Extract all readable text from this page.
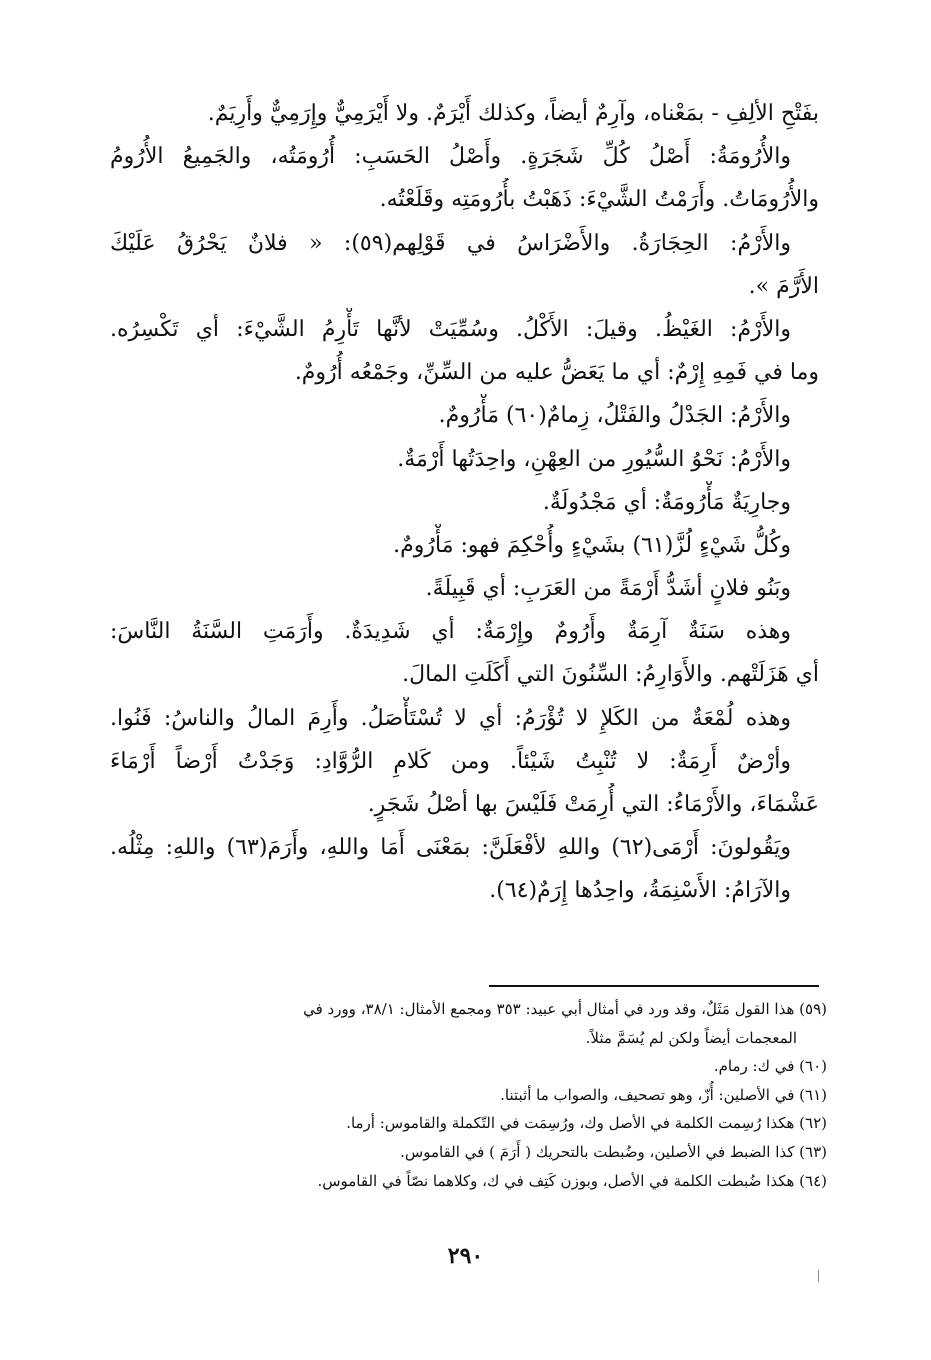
بفَتْحِ الألِفِ - بمَعْناه، وآرِمٌ أيضاً، وكذلك أَيْرَمٌ. ولا أَيْرَمِيٌّ وإِرَمِيٌّ وأَرِيَمٌ.
والأُرُومَةُ: أَصْلُ كُلِّ شَجَرَةٍ. وأَصْلُ الحَسَبِ: أُرُومَتُه، والجَمِيعُ الأُرُومُ
والأُرُومَاتُ. وأَرَمْتُ الشَّيْءَ: ذَهَبْتُ بأُرُومَتِه وقَلَعْتُه.
والأَرْمُ: الحِجَارَةُ. والأَضْرَاسُ في قَوْلِهم(٥٩): « فلانٌ يَحْرُقُ عَلَيْكَ
الأَرَّمَ ».
والأَرْمُ: الغَيْظُ. وقيلَ: الأَكْلُ. وسُمِّيَتْ لأنَّها تَأْرِمُ الشَّيْءَ: أي تَكْسِرُه.
وما في فَمِهِ إِرْمٌ: أي ما يَعَضُّ عليه من السِّنِّ، وجَمْعُه أُرُومٌ.
والأَرْمُ: الجَدْلُ والفَتْلُ، زِمامٌ(٦٠) مَأْرُومٌ.
والأَرْمُ: نَحْوُ السُّيُورِ من العِهْنِ، واحِدَتُها أَرْمَةٌ.
وجارِيَةٌ مَأْرُومَةٌ: أي مَجْدُولَةٌ.
وكُلُّ شَيْءٍ لُزَّ(٦١) بشَيْءٍ وأُحْكِمَ فهو: مَأْرُومٌ.
وبَنُو فلانٍ أشَدُّ أَرْمَةً من العَرَبِ: أي قَبِيلَةً.
وهذه سَنَةٌ آرِمَةٌ وأَرُومٌ وإِرْمَةٌ: أي شَدِيدَةٌ. وأَرَمَتِ السَّنَةُ النَّاسَ:
أي هَزَلَتْهم. والأَوَارِمُ: السِّنُونَ التي أَكَلَتِ المالَ.
وهذه لُمْعَةٌ من الكَلإِ لا تُؤْرَمُ: أي لا تُسْتَأْصَلُ. وأَرِمَ المالُ والناسُ: فَنُوا.
وأرْضٌ أَرِمَةٌ: لا تُنْبِتُ شَيْئاً. ومن كَلامِ الرُّوَّادِ: وَجَدْتُ أَرْضاً أَرْمَاءَ
عَشْمَاءَ، والأَرْمَاءُ: التي أُرِمَتْ فَلَيْسَ بها أصْلُ شَجَرٍ.
ويَقُولونَ: أَرْمَى(٦٢) واللهِ لأفْعَلَنَّ: بمَعْنَى أَمَا واللهِ، وأَرَمَ(٦٣) واللهِ: مِثْلُه.
والآرَامُ: الأَسْنِمَةُ، واحِدُها إِرَمٌ(٦٤).
(٥٩) هذا القول مَثَلٌ، وقد ورد في أمثال أبي عبيد: ٣٥٣ ومجمع الأمثال: ٣٨/١، وورد في
المعجمات أيضاً ولكن لم يُسَمَّ مثلاً.
(٦٠) في ك: رمام.
(٦١) في الأصلين: أُزّ، وهو تصحيف، والصواب ما أثبتنا.
(٦٢) هكذا رُسِمت الكلمة في الأصل وك، ورُسِمَت في التّكملة والقاموس: أرما.
(٦٣) كذا الضبط في الأصلين، وضُبطت بالتحريك ( أَرَمَ ) في القاموس.
(٦٤) هكذا ضُبطت الكلمة في الأصل، وبوزن كَتِف في ك، وكلاهما نصّاً في القاموس.
٢٩٠
